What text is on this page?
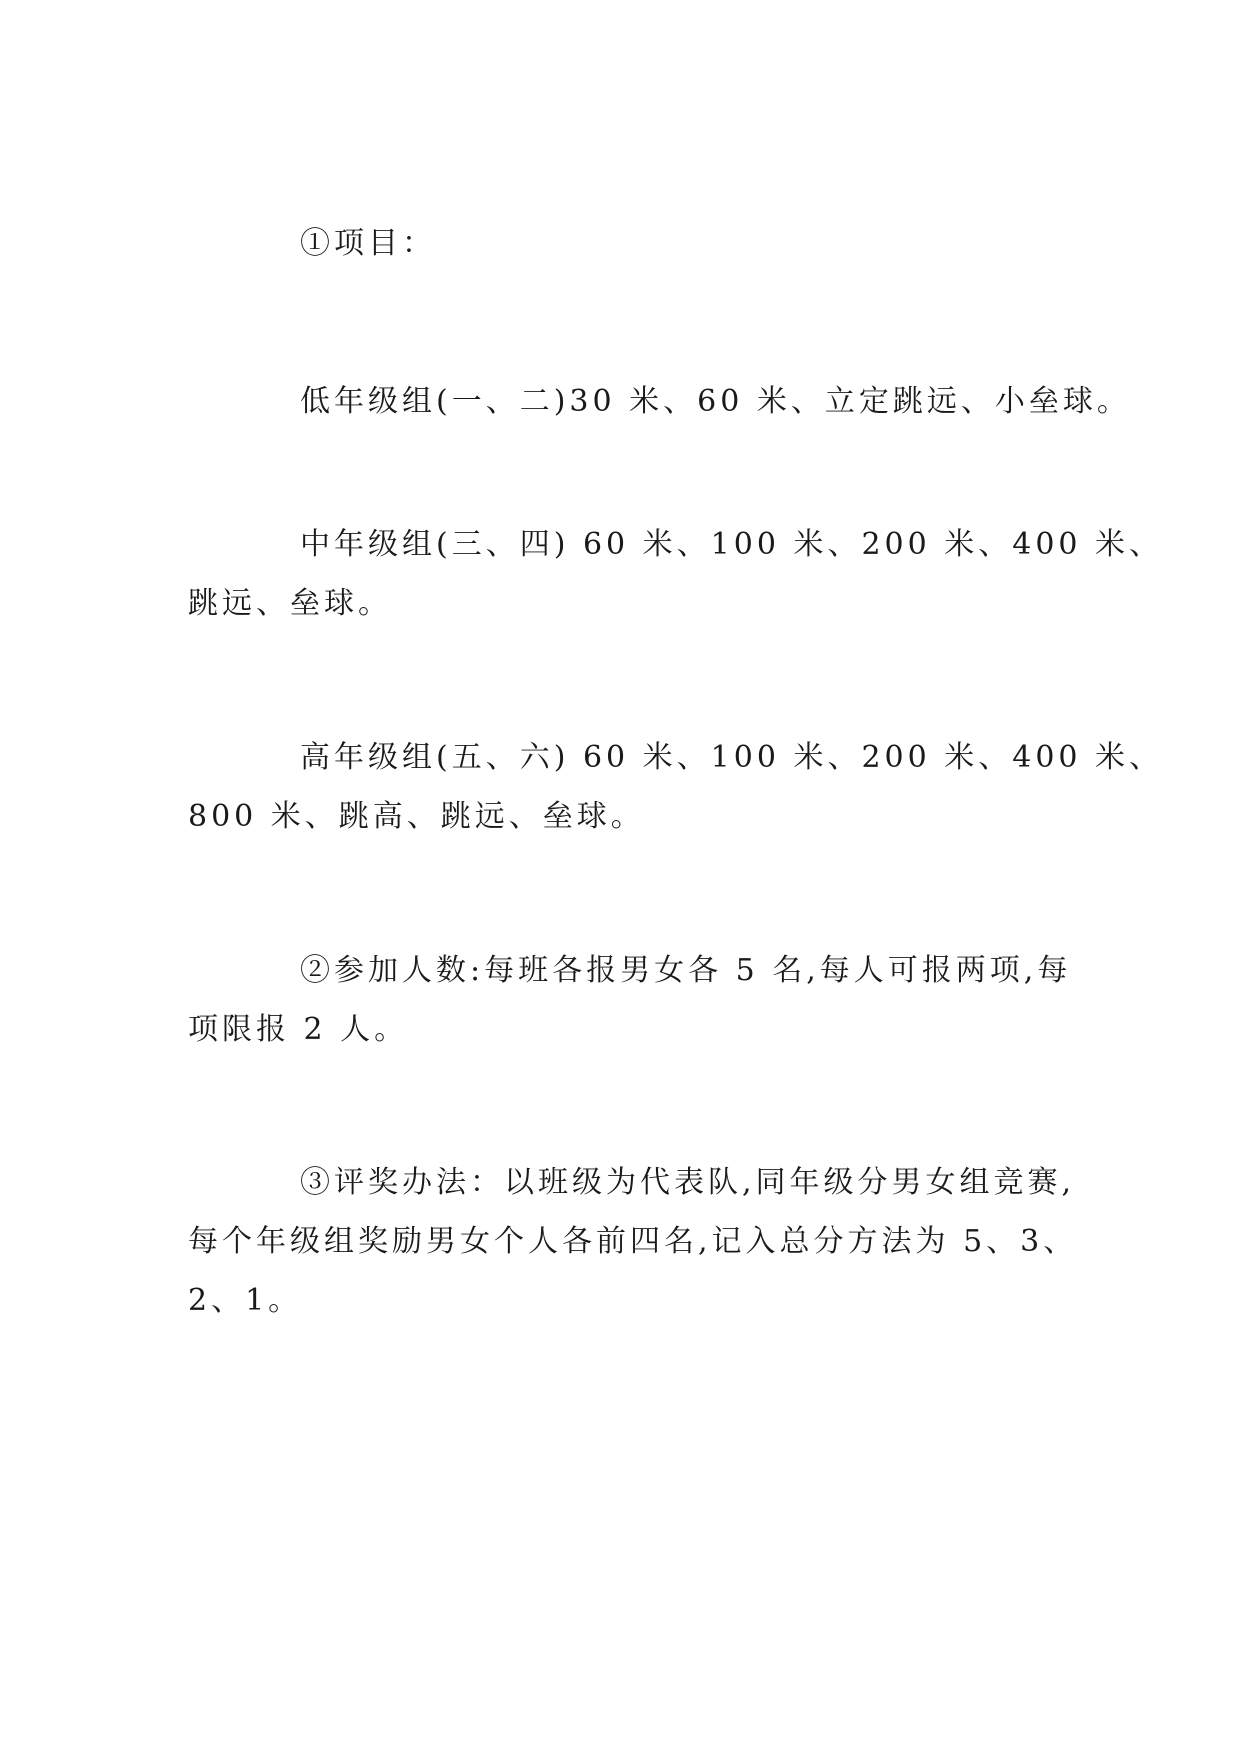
①项目：

低年级组(一、二)30 米、60 米、立定跳远、小垒球。

中年级组(三、四) 60 米、100 米、200 米、400 米、
跳远、垒球。

高年级组(五、六) 60 米、100 米、200 米、400 米、
800 米、跳高、跳远、垒球。

②参加人数:每班各报男女各 5 名,每人可报两项,每
项限报 2 人。

③评奖办法：以班级为代表队,同年级分男女组竞赛,
每个年级组奖励男女个人各前四名,记入总分方法为 5、3、
2、1。
